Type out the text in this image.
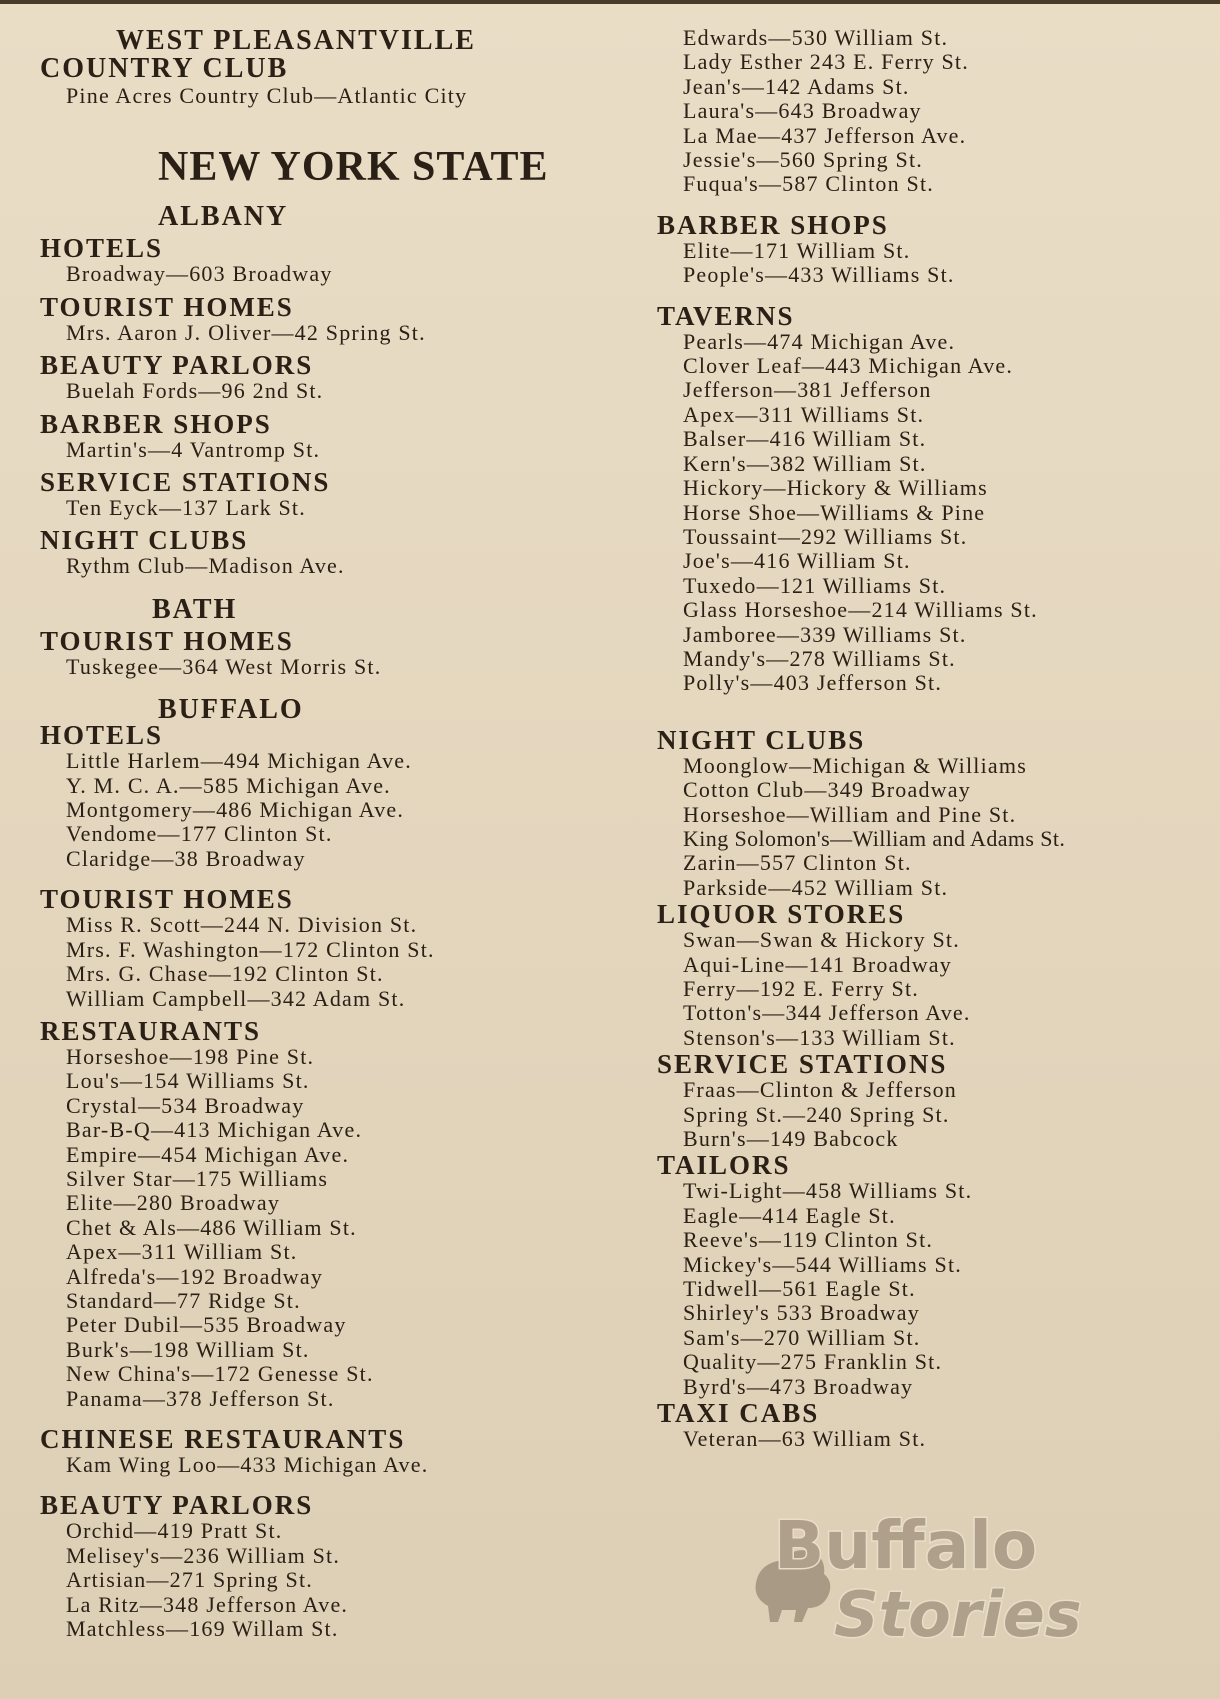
WEST PLEASANTVILLE
COUNTRY CLUB
Pine Acres Country Club—Atlantic City
NEW YORK STATE
ALBANY
HOTELS
Broadway—603 Broadway
TOURIST HOMES
Mrs. Aaron J. Oliver—42 Spring St.
BEAUTY PARLORS
Buelah Fords—96 2nd St.
BARBER SHOPS
Martin's—4 Vantromp St.
SERVICE STATIONS
Ten Eyck—137 Lark St.
NIGHT CLUBS
Rythm Club—Madison Ave.
BATH
TOURIST HOMES
Tuskegee—364 West Morris St.
BUFFALO
HOTELS
Little Harlem—494 Michigan Ave.
Y. M. C. A.—585 Michigan Ave.
Montgomery—486 Michigan Ave.
Vendome—177 Clinton St.
Claridge—38 Broadway
TOURIST HOMES
Miss R. Scott—244 N. Division St.
Mrs. F. Washington—172 Clinton St.
Mrs. G. Chase—192 Clinton St.
William Campbell—342 Adam St.
RESTAURANTS
Horseshoe—198 Pine St.
Lou's—154 Williams St.
Crystal—534 Broadway
Bar-B-Q—413 Michigan Ave.
Empire—454 Michigan Ave.
Silver Star—175 Williams
Elite—280 Broadway
Chet & Als—486 William St.
Apex—311 William St.
Alfreda's—192 Broadway
Standard—77 Ridge St.
Peter Dubil—535 Broadway
Burk's—198 William St.
New China's—172 Genesse St.
Panama—378 Jefferson St.
CHINESE RESTAURANTS
Kam Wing Loo—433 Michigan Ave.
BEAUTY PARLORS
Orchid—419 Pratt St.
Melisey's—236 William St.
Artisian—271 Spring St.
La Ritz—348 Jefferson Ave.
Matchless—169 Willam St.
Edwards—530 William St.
Lady Esther 243 E. Ferry St.
Jean's—142 Adams St.
Laura's—643 Broadway
La Mae—437 Jefferson Ave.
Jessie's—560 Spring St.
Fuqua's—587 Clinton St.
BARBER SHOPS
Elite—171 William St.
People's—433 Williams St.
TAVERNS
Pearls—474 Michigan Ave.
Clover Leaf—443 Michigan Ave.
Jefferson—381 Jefferson
Apex—311 Williams St.
Balser—416 William St.
Kern's—382 William St.
Hickory—Hickory & Williams
Horse Shoe—Williams & Pine
Toussaint—292 Williams St.
Joe's—416 William St.
Tuxedo—121 Williams St.
Glass Horseshoe—214 Williams St.
Jamboree—339 Williams St.
Mandy's—278 Williams St.
Polly's—403 Jefferson St.
NIGHT CLUBS
Moonglow—Michigan & Williams
Cotton Club—349 Broadway
Horseshoe—William and Pine St.
King Solomon's—William and Adams St.
Zarin—557 Clinton St.
Parkside—452 William St.
LIQUOR STORES
Swan—Swan & Hickory St.
Aqui-Line—141 Broadway
Ferry—192 E. Ferry St.
Totton's—344 Jefferson Ave.
Stenson's—133 William St.
SERVICE STATIONS
Fraas—Clinton & Jefferson
Spring St.—240 Spring St.
Burn's—149 Babcock
TAILORS
Twi-Light—458 Williams St.
Eagle—414 Eagle St.
Reeve's—119 Clinton St.
Mickey's—544 Williams St.
Tidwell—561 Eagle St.
Shirley's 533 Broadway
Sam's—270 William St.
Quality—275 Franklin St.
Byrd's—473 Broadway
TAXI CABS
Veteran—63 William St.
Buffalo
Stories
